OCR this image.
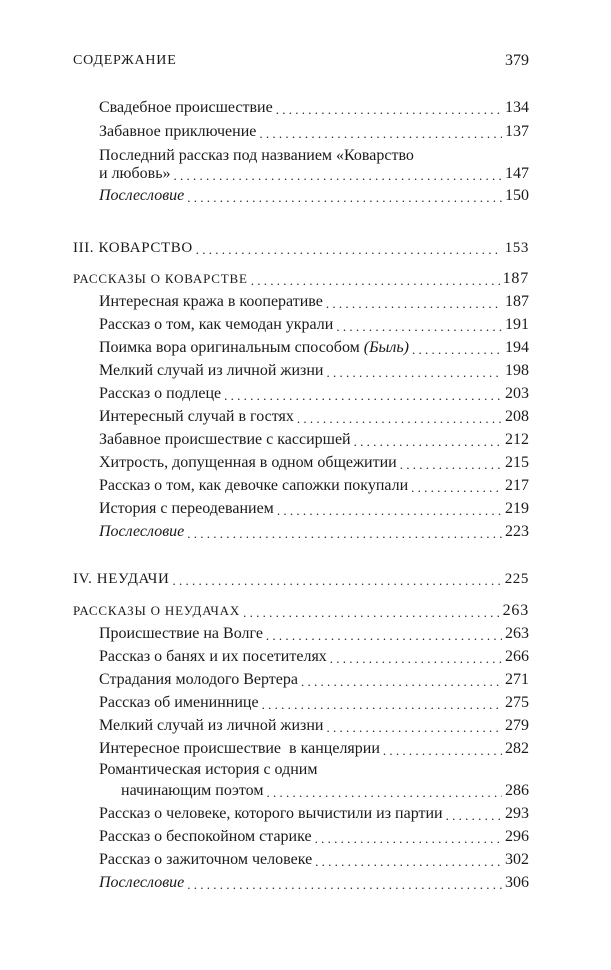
СОДЕРЖАНИЕ	379
Свадебное происшествие . . .	134
Забавное приключение . . .	137
Последний рассказ под названием «Коварство
и любовь» . . .	147
Послесловие . . .	150
III. КОВАРСТВО . . .	153
РАССКАЗЫ О КОВАРСТВЕ . . .	187
Интересная кража в кооперативе . . .	187
Рассказ о том, как чемодан украли . . .	191
Поимка вора оригинальным способом (Быль) . . .	194
Мелкий случай из личной жизни . . .	198
Рассказ о подлеце . . .	203
Интересный случай в гостях . . .	208
Забавное происшествие с кассиршей . . .	212
Хитрость, допущенная в одном общежитии . . .	215
Рассказ о том, как девочке сапожки покупали . . .	217
История с переодеванием . . .	219
Послесловие . . .	223
IV. НЕУДАЧИ . . .	225
РАССКАЗЫ О НЕУДАЧАХ . . .	263
Происшествие на Волге . . .	263
Рассказ о банях и их посетителях . . .	266
Страдания молодого Вертера . . .	271
Рассказ об имениннице . . .	275
Мелкий случай из личной жизни . . .	279
Интересное происшествие  в канцелярии . . .	282
Романтическая история с одним
начинающим поэтом . . .	286
Рассказ о человеке, которого вычистили из партии . . .	293
Рассказ о беспокойном старике . . .	296
Рассказ о зажиточном человеке . . .	302
Послесловие . . .	306
